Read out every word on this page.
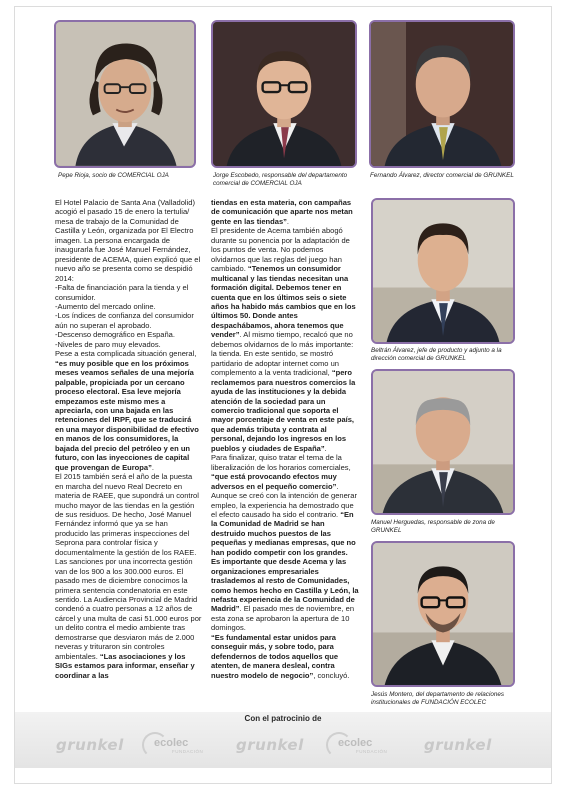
Pepe Rioja, socio de COMERCIAL OJA	Jorge Escobedo, responsable del departamento comercial de COMERCIAL OJA
Fernando Álvarez, director comercial de GRUNKEL
Beltrán Álvarez, jefe de producto y adjunto a la dirección comercial de GRUNKEL
Manuel Herguedas, responsable de zona de GRUNKEL
Jesús Montero, del departamento de relaciones institucionales de FUNDACIÓN ECOLEC

El Hotel Palacio de Santa Ana (Valladolid) acogió el pasado 15 de enero la tertulia/ mesa de trabajo de la Comunidad de Castilla y León, organizada por El Electro imagen. La persona encargada de inaugurarla fue José Manuel Fernández, presidente de ACEMA, quien explicó que el nuevo año se presenta como se despidió 2014:

-Falta de financiación para la tienda y el consumidor.

-Aumento del mercado online.

-Los índices de confianza del consumidor aún no superan el aprobado.

-Descenso demográfico en España.

-Niveles de paro muy elevados.

Pese a esta complicada situación general, “es muy posible que en los próximos meses veamos señales de una mejoría palpable, propiciada por un cercano proceso electoral. Esa leve mejoría empezamos este mismo mes a apreciarla, con una bajada en las retenciones del IRPF, que se traducirá en una mayor disponibilidad de efectivo en manos de los consumidores, la bajada del precio del petróleo y en un futuro, con las inyecciones de capital que provengan de Europa”.

El 2015 también será el año de la puesta en marcha del nuevo Real Decreto en materia de RAEE, que supondrá un control mucho mayor de las tiendas en la gestión de sus residuos. De hecho, José Manuel Fernández informó que ya se han producido las primeras inspecciones del Seprona para controlar física y documentalmente la gestión de los RAEE. Las sanciones por una incorrecta gestión van de los 900 a los 300.000 euros. El pasado mes de diciembre conocimos la primera sentencia condenatoria en este sentido. La Audiencia Provincial de Madrid condenó a cuatro personas a 12 años de cárcel y una multa de casi 51.000 euros por un delito contra el medio ambiente tras demostrarse que desviaron más de 2.000 neveras y trituraron sin controles ambientales. “Las asociaciones y los SIGs estamos para informar, enseñar y coordinar a las

tiendas en esta materia, con campañas de comunicación que aparte nos metan gente en las tiendas”.

El presidente de Acema también abogó durante su ponencia por la adaptación de los puntos de venta. No podemos olvidarnos que las reglas del juego han cambiado. “Tenemos un consumidor multicanal y las tiendas necesitan una formación digital. Debemos tener en cuenta que en los últimos seis o siete años ha habido más cambios que en los últimos 50. Donde antes despachábamos, ahora tenemos que vender”. Al mismo tiempo, recalcó que no debemos olvidarnos de lo más importante: la tienda. En este sentido, se mostró partidario de adoptar internet como un complemento a la venta tradicional, “pero reclamemos para nuestros comercios la ayuda de las instituciones y la debida atención de la sociedad para un comercio tradicional que soporta el mayor porcentaje de venta en este país, que además tributa y contrata al personal, dejando los ingresos en los pueblos y ciudades de España”.

Para finalizar, quiso tratar el tema de la liberalización de los horarios comerciales, “que está provocando efectos muy adversos en el pequeño comercio”. Aunque se creó con la intención de generar empleo, la experiencia ha demostrado que el efecto causado ha sido el contrario. “En la Comunidad de Madrid se han destruido muchos puestos de las pequeñas y medianas empresas, que no han podido competir con los grandes. Es importante que desde Acema y las organizaciones empresariales traslademos al resto de Comunidades, como hemos hecho en Castilla y León, la nefasta experiencia de la Comunidad de Madrid”. El pasado mes de noviembre, en esta zona se aprobaron la apertura de 10 domingos.

“Es fundamental estar unidos para conseguir más, y sobre todo, para defendernos de todos aquellos que atenten, de manera desleal, contra nuestro modelo de negocio”, concluyó.

Con el patrocinio de
grunkel	ecolec
FUNDACIÓN grunkel	ecolec
FUNDACIÓN grunkel
